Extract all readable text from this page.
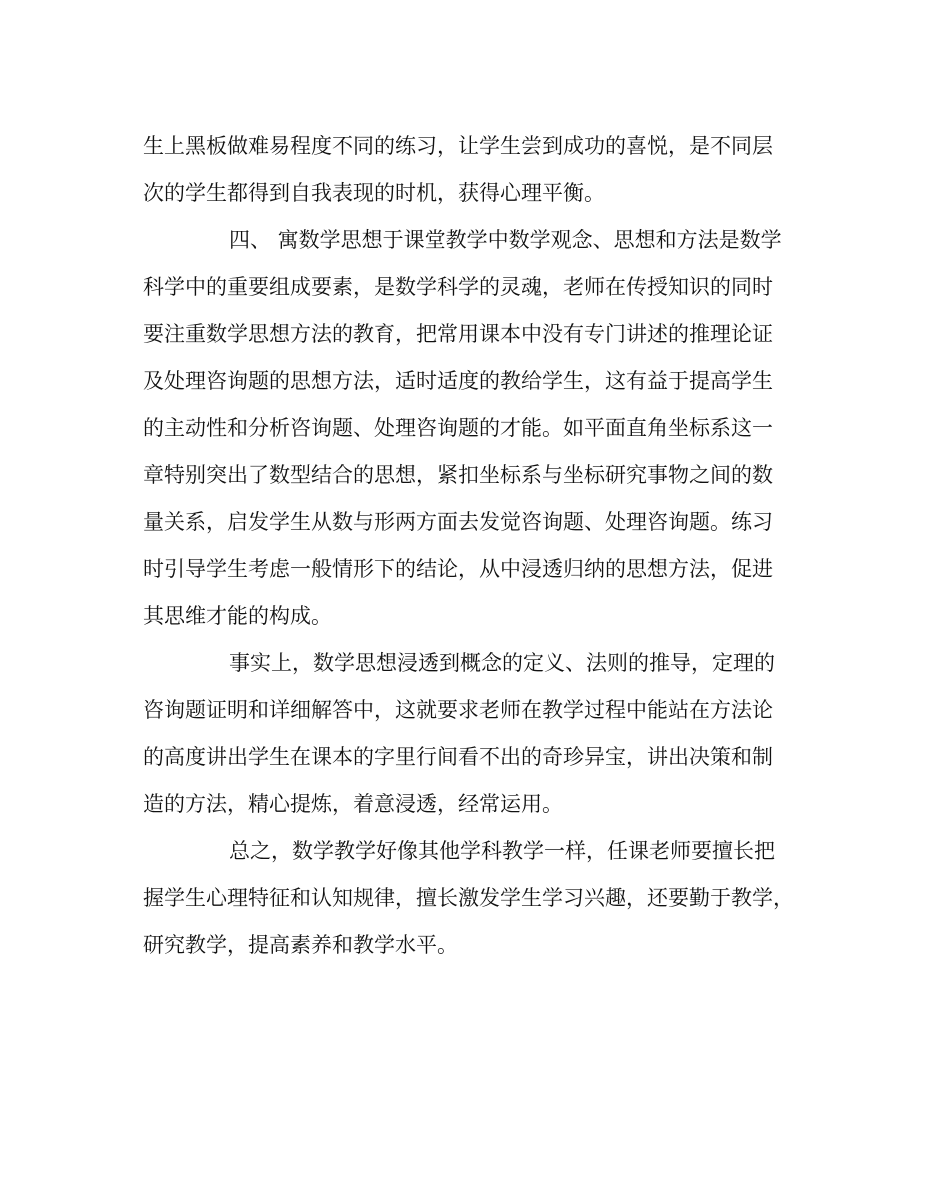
生上黑板做难易程度不同的练习，让学生尝到成功的喜悦，是不同层
次的学生都得到自我表现的时机，获得心理平衡。
四、 寓数学思想于课堂教学中数学观念、思想和方法是数学
科学中的重要组成要素，是数学科学的灵魂，老师在传授知识的同时
要注重数学思想方法的教育，把常用课本中没有专门讲述的推理论证
及处理咨询题的思想方法，适时适度的教给学生，这有益于提高学生
的主动性和分析咨询题、处理咨询题的才能。如平面直角坐标系这一
章特别突出了数型结合的思想，紧扣坐标系与坐标研究事物之间的数
量关系，启发学生从数与形两方面去发觉咨询题、处理咨询题。练习
时引导学生考虑一般情形下的结论，从中浸透归纳的思想方法，促进
其思维才能的构成。
事实上，数学思想浸透到概念的定义、法则的推导，定理的
咨询题证明和详细解答中，这就要求老师在教学过程中能站在方法论
的高度讲出学生在课本的字里行间看不出的奇珍异宝，讲出决策和制
造的方法，精心提炼，着意浸透，经常运用。
总之，数学教学好像其他学科教学一样，任课老师要擅长把
握学生心理特征和认知规律，擅长激发学生学习兴趣，还要勤于教学，
研究教学，提高素养和教学水平。
